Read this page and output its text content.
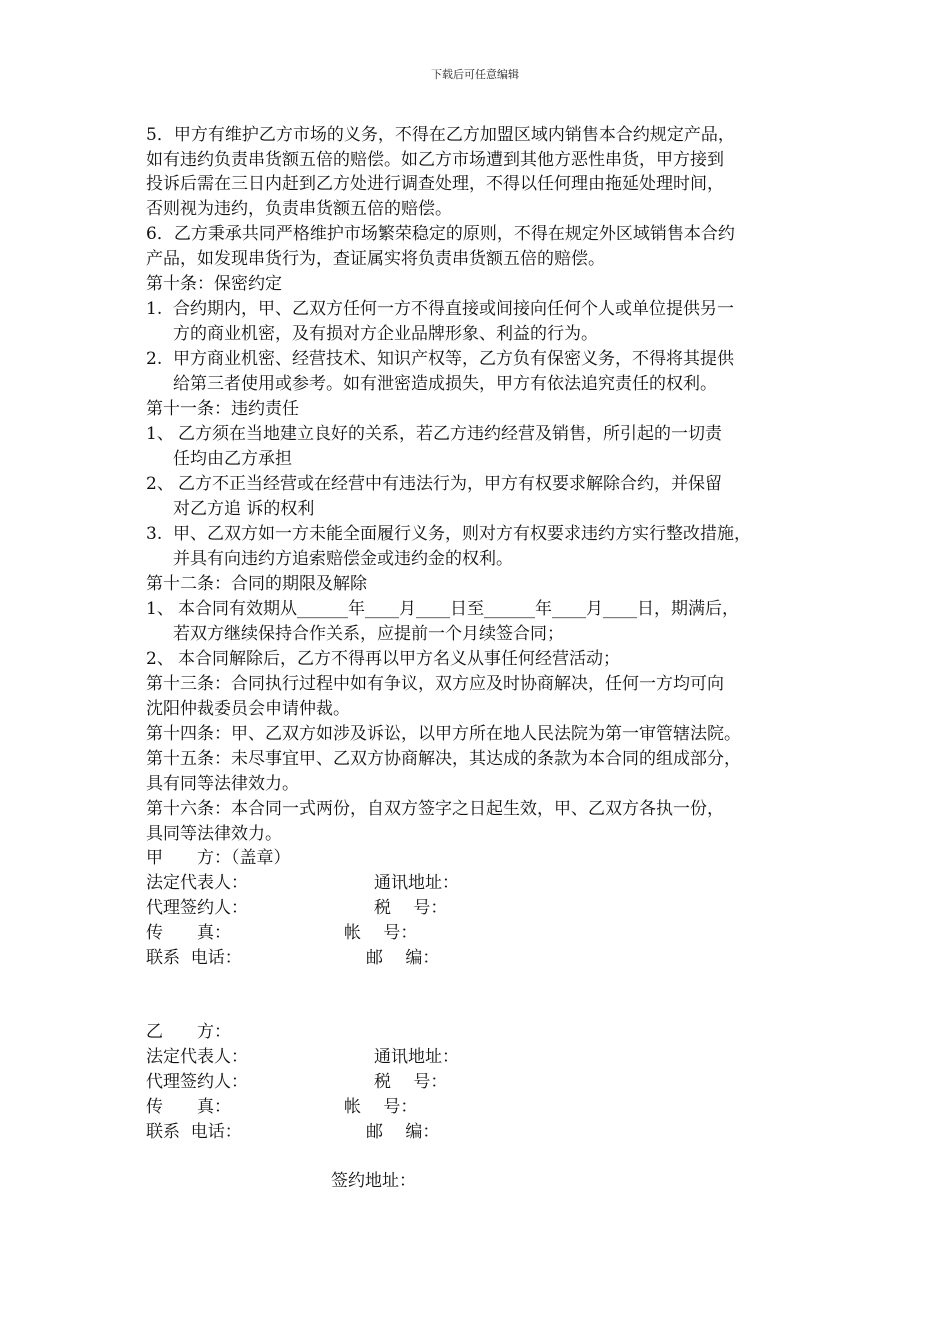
下载后可任意编辑
5．甲方有维护乙方市场的义务，不得在乙方加盟区域内销售本合约规定产品，
如有违约负责串货额五倍的赔偿。如乙方市场遭到其他方恶性串货，甲方接到
投诉后需在三日内赶到乙方处进行调查处理，不得以任何理由拖延处理时间，
否则视为违约，负责串货额五倍的赔偿。
6．乙方秉承共同严格维护市场繁荣稳定的原则，不得在规定外区域销售本合约
产品，如发现串货行为，查证属实将负责串货额五倍的赔偿。
第十条：保密约定
1. 合约期内，甲、乙双方任何一方不得直接或间接向任何个人或单位提供另一
方的商业机密，及有损对方企业品牌形象、利益的行为。
2. 甲方商业机密、经营技术、知识产权等，乙方负有保密义务，不得将其提供
给第三者使用或参考。如有泄密造成损失，甲方有依法追究责任的权利。
第十一条：违约责任
1、 乙方须在当地建立良好的关系，若乙方违约经营及销售，所引起的一切责
任均由乙方承担
2、 乙方不正当经营或在经营中有违法行为，甲方有权要求解除合约，并保留
对乙方追 诉的权利
3. 甲、乙双方如一方未能全面履行义务，则对方有权要求违约方实行整改措施，
并具有向违约方追索赔偿金或违约金的权利。
第十二条：合同的期限及解除
1、 本合同有效期从______年____月____日至______年____月____日，期满后，
若双方继续保持合作关系，应提前一个月续签合同；
2、 本合同解除后，乙方不得再以甲方名义从事任何经营活动；
第十三条：合同执行过程中如有争议，双方应及时协商解决，任何一方均可向
沈阳仲裁委员会申请仲裁。
第十四条：甲、乙双方如涉及诉讼，以甲方所在地人民法院为第一审管辖法院。
第十五条：未尽事宜甲、乙双方协商解决，其达成的条款为本合同的组成部分，
具有同等法律效力。
第十六条：本合同一式两份，自双方签字之日起生效，甲、乙双方各执一份，
具同等法律效力。
甲　　方：（盖章）
法定代表人：	通讯地址：
代理签约人：	税　 号：
传　　真：	帐　 号：
联系  电话：	邮　 编：
乙　　方：
法定代表人：	通讯地址：
代理签约人：	税　 号：
传　　真：	帐　 号：
联系  电话：	邮　 编：
签约地址：
